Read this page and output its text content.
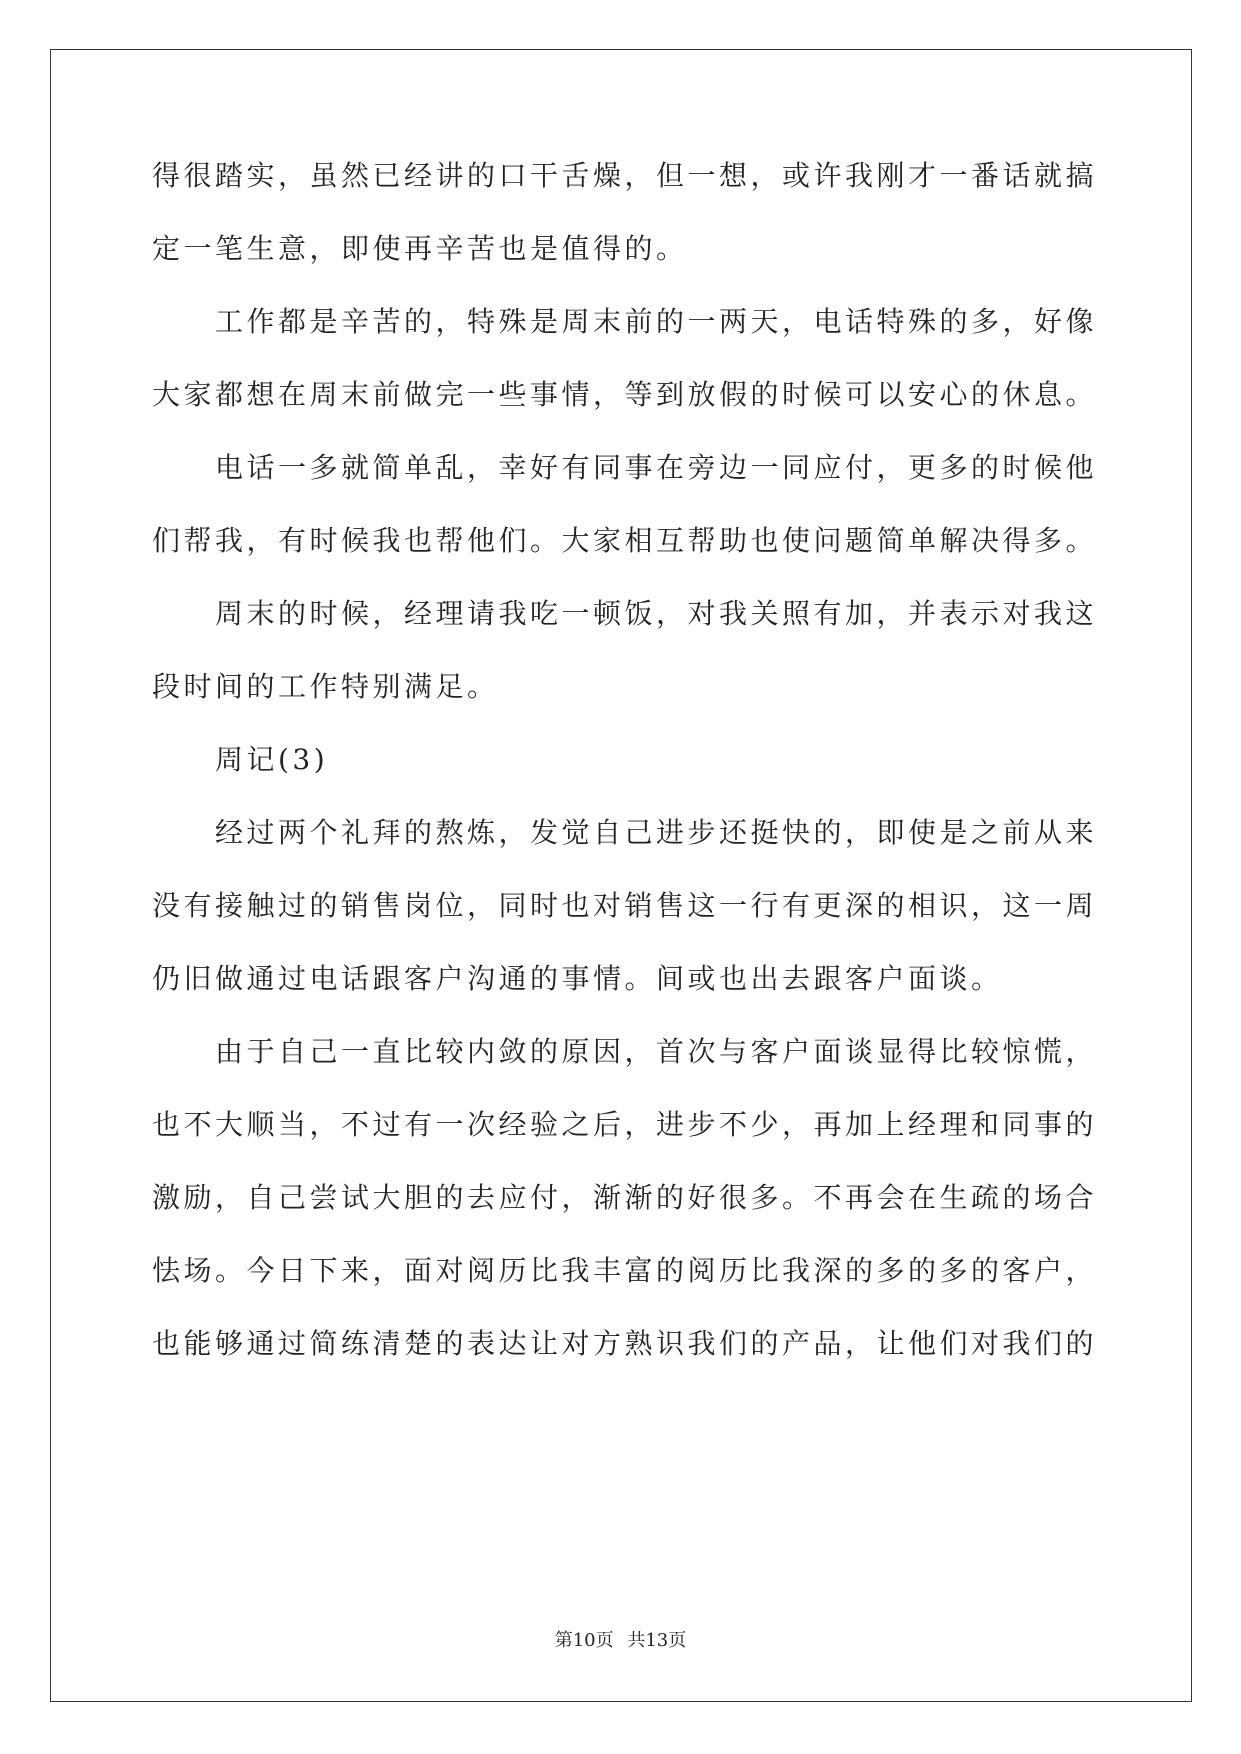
得很踏实，虽然已经讲的口干舌燥，但一想，或许我刚才一番话就搞
定一笔生意，即使再辛苦也是值得的。
　　工作都是辛苦的，特殊是周末前的一两天，电话特殊的多，好像
大家都想在周末前做完一些事情，等到放假的时候可以安心的休息。
　　电话一多就简单乱，幸好有同事在旁边一同应付，更多的时候他
们帮我，有时候我也帮他们。大家相互帮助也使问题简单解决得多。
　　周末的时候，经理请我吃一顿饭，对我关照有加，并表示对我这
段时间的工作特别满足。
　　周记(3)
　　经过两个礼拜的熬炼，发觉自己进步还挺快的，即使是之前从来
没有接触过的销售岗位，同时也对销售这一行有更深的相识，这一周
仍旧做通过电话跟客户沟通的事情。间或也出去跟客户面谈。
　　由于自己一直比较内敛的原因，首次与客户面谈显得比较惊慌，
也不大顺当，不过有一次经验之后，进步不少，再加上经理和同事的
激励，自己尝试大胆的去应付，渐渐的好很多。不再会在生疏的场合
怯场。今日下来，面对阅历比我丰富的阅历比我深的多的多的客户，
也能够通过简练清楚的表达让对方熟识我们的产品，让他们对我们的
第10页 共13页
